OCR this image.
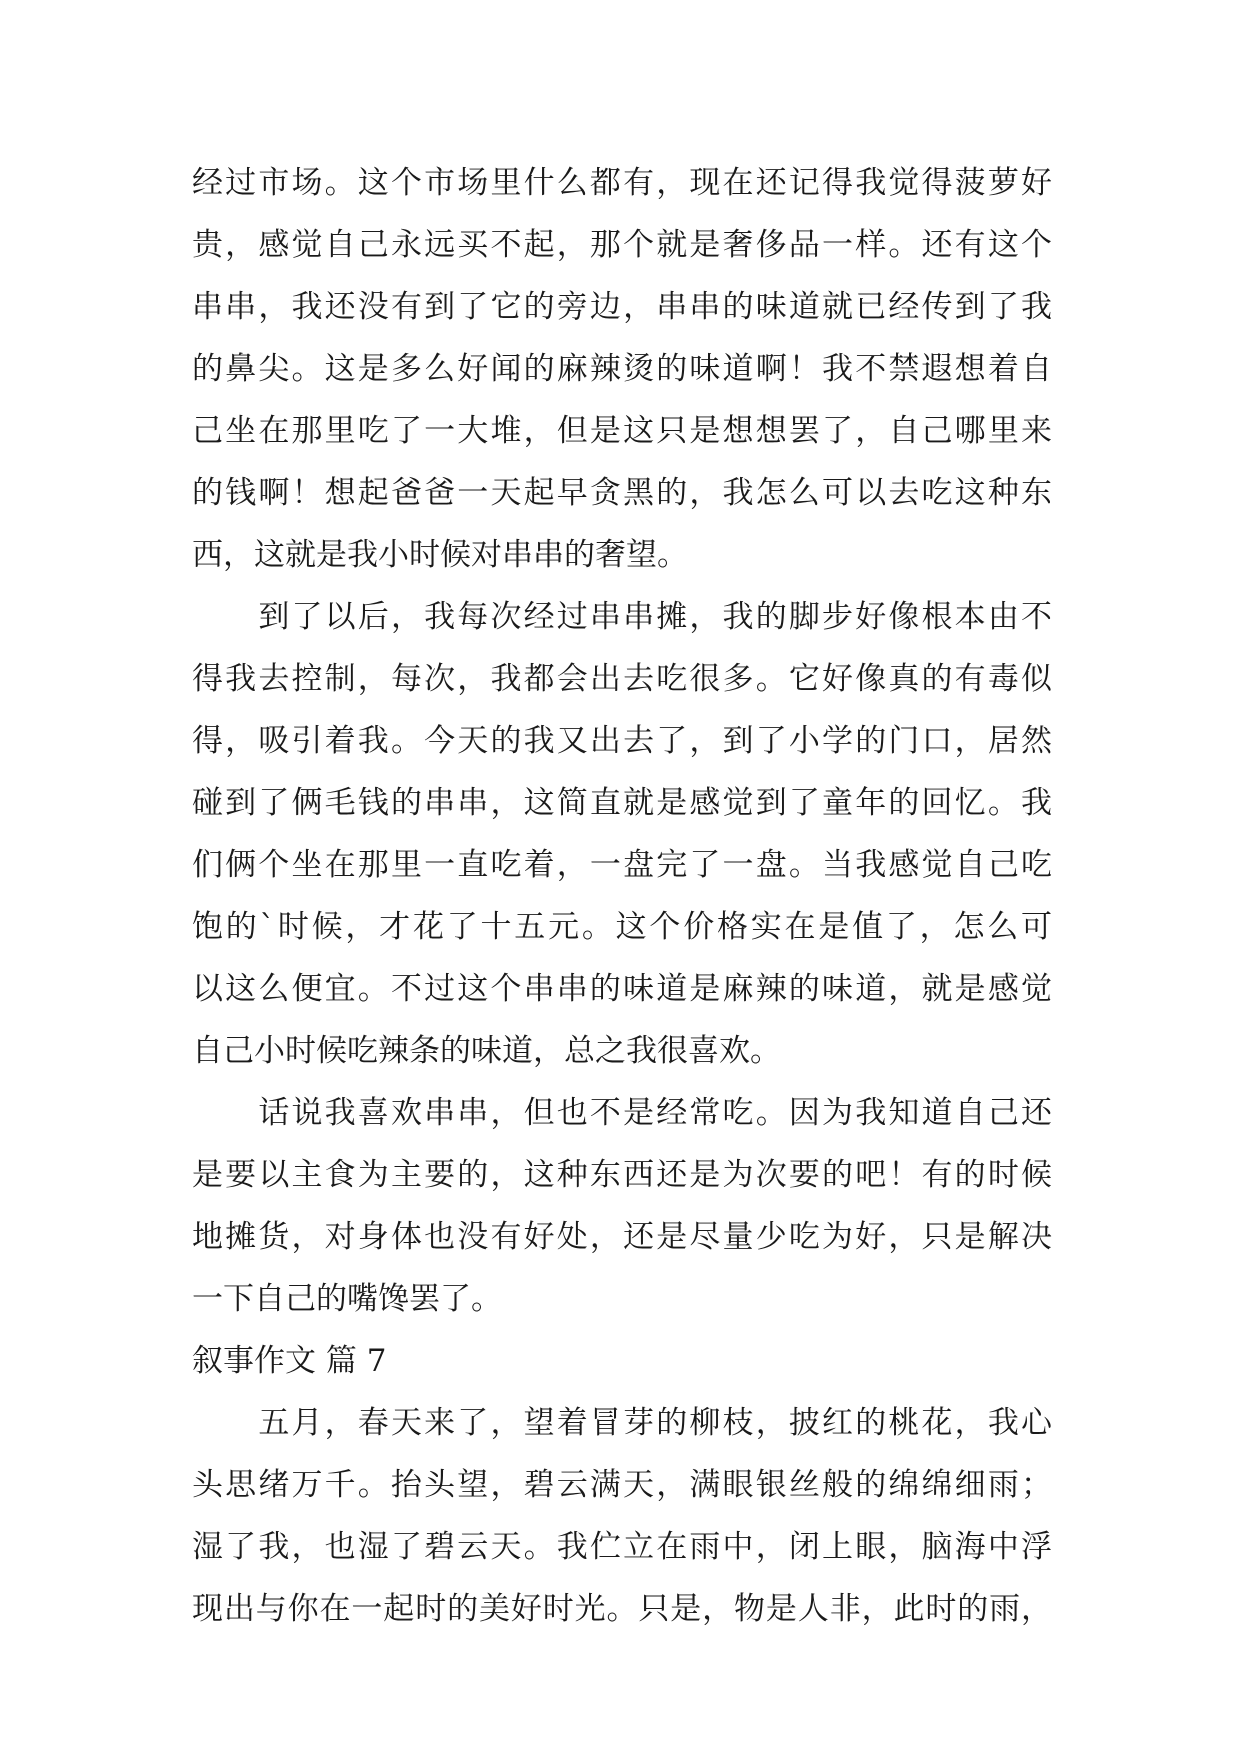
经过市场。这个市场里什么都有，现在还记得我觉得菠萝好
贵，感觉自己永远买不起，那个就是奢侈品一样。还有这个
串串，我还没有到了它的旁边，串串的味道就已经传到了我
的鼻尖。这是多么好闻的麻辣烫的味道啊！我不禁遐想着自
己坐在那里吃了一大堆，但是这只是想想罢了，自己哪里来
的钱啊！想起爸爸一天起早贪黑的，我怎么可以去吃这种东
西，这就是我小时候对串串的奢望。
　　到了以后，我每次经过串串摊，我的脚步好像根本由不
得我去控制，每次，我都会出去吃很多。它好像真的有毒似
得，吸引着我。今天的我又出去了，到了小学的门口，居然
碰到了俩毛钱的串串，这简直就是感觉到了童年的回忆。我
们俩个坐在那里一直吃着，一盘完了一盘。当我感觉自己吃
饱的`时候，才花了十五元。这个价格实在是值了，怎么可
以这么便宜。不过这个串串的味道是麻辣的味道，就是感觉
自己小时候吃辣条的味道，总之我很喜欢。
　　话说我喜欢串串，但也不是经常吃。因为我知道自己还
是要以主食为主要的，这种东西还是为次要的吧！有的时候
地摊货，对身体也没有好处，还是尽量少吃为好，只是解决
一下自己的嘴馋罢了。
叙事作文 篇 7
　　五月，春天来了，望着冒芽的柳枝，披红的桃花，我心
头思绪万千。抬头望，碧云满天，满眼银丝般的绵绵细雨；
湿了我，也湿了碧云天。我伫立在雨中，闭上眼，脑海中浮
现出与你在一起时的美好时光。只是，物是人非，此时的雨，
